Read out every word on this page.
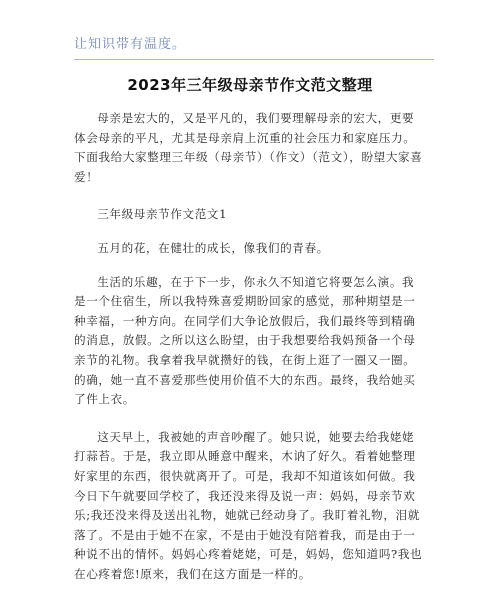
让知识带有温度。
2023年三年级母亲节作文范文整理

母亲是宏大的，又是平凡的，我们要理解母亲的宏大，更要体会母亲的平凡，尤其是母亲肩上沉重的社会压力和家庭压力。下面我给大家整理三年级（母亲节）（作文）（范文），盼望大家喜爱！

三年级母亲节作文范文1

五月的花，在健壮的成长，像我们的青春。

生活的乐趣，在于下一步，你永久不知道它将要怎么演。我是一个住宿生，所以我特殊喜爱期盼回家的感觉，那种期望是一种幸福，一种方向。在同学们大争论放假后，我们最终等到精确的消息，放假。之所以这么盼望，由于我想要给我妈预备一个母亲节的礼物。我拿着我早就攒好的钱，在街上逛了一圈又一圈。的确，她一直不喜爱那些使用价值不大的东西。最终，我给她买了件上衣。

这天早上，我被她的声音吵醒了。她只说，她要去给我姥姥打蒜苔。于是，我立即从睡意中醒来，木讷了好久。看着她整理好家里的东西，很快就离开了。可是，我却不知道该如何做。我今日下午就要回学校了，我还没来得及说一声：妈妈，母亲节欢乐;我还没来得及送出礼物，她就已经动身了。我盯着礼物，泪就落了。不是由于她不在家，不是由于她没有陪着我，而是由于一种说不出的情怀。妈妈心疼着姥姥，可是，妈妈，您知道吗?我也在心疼着您!原来，我们在这方面是一样的。
